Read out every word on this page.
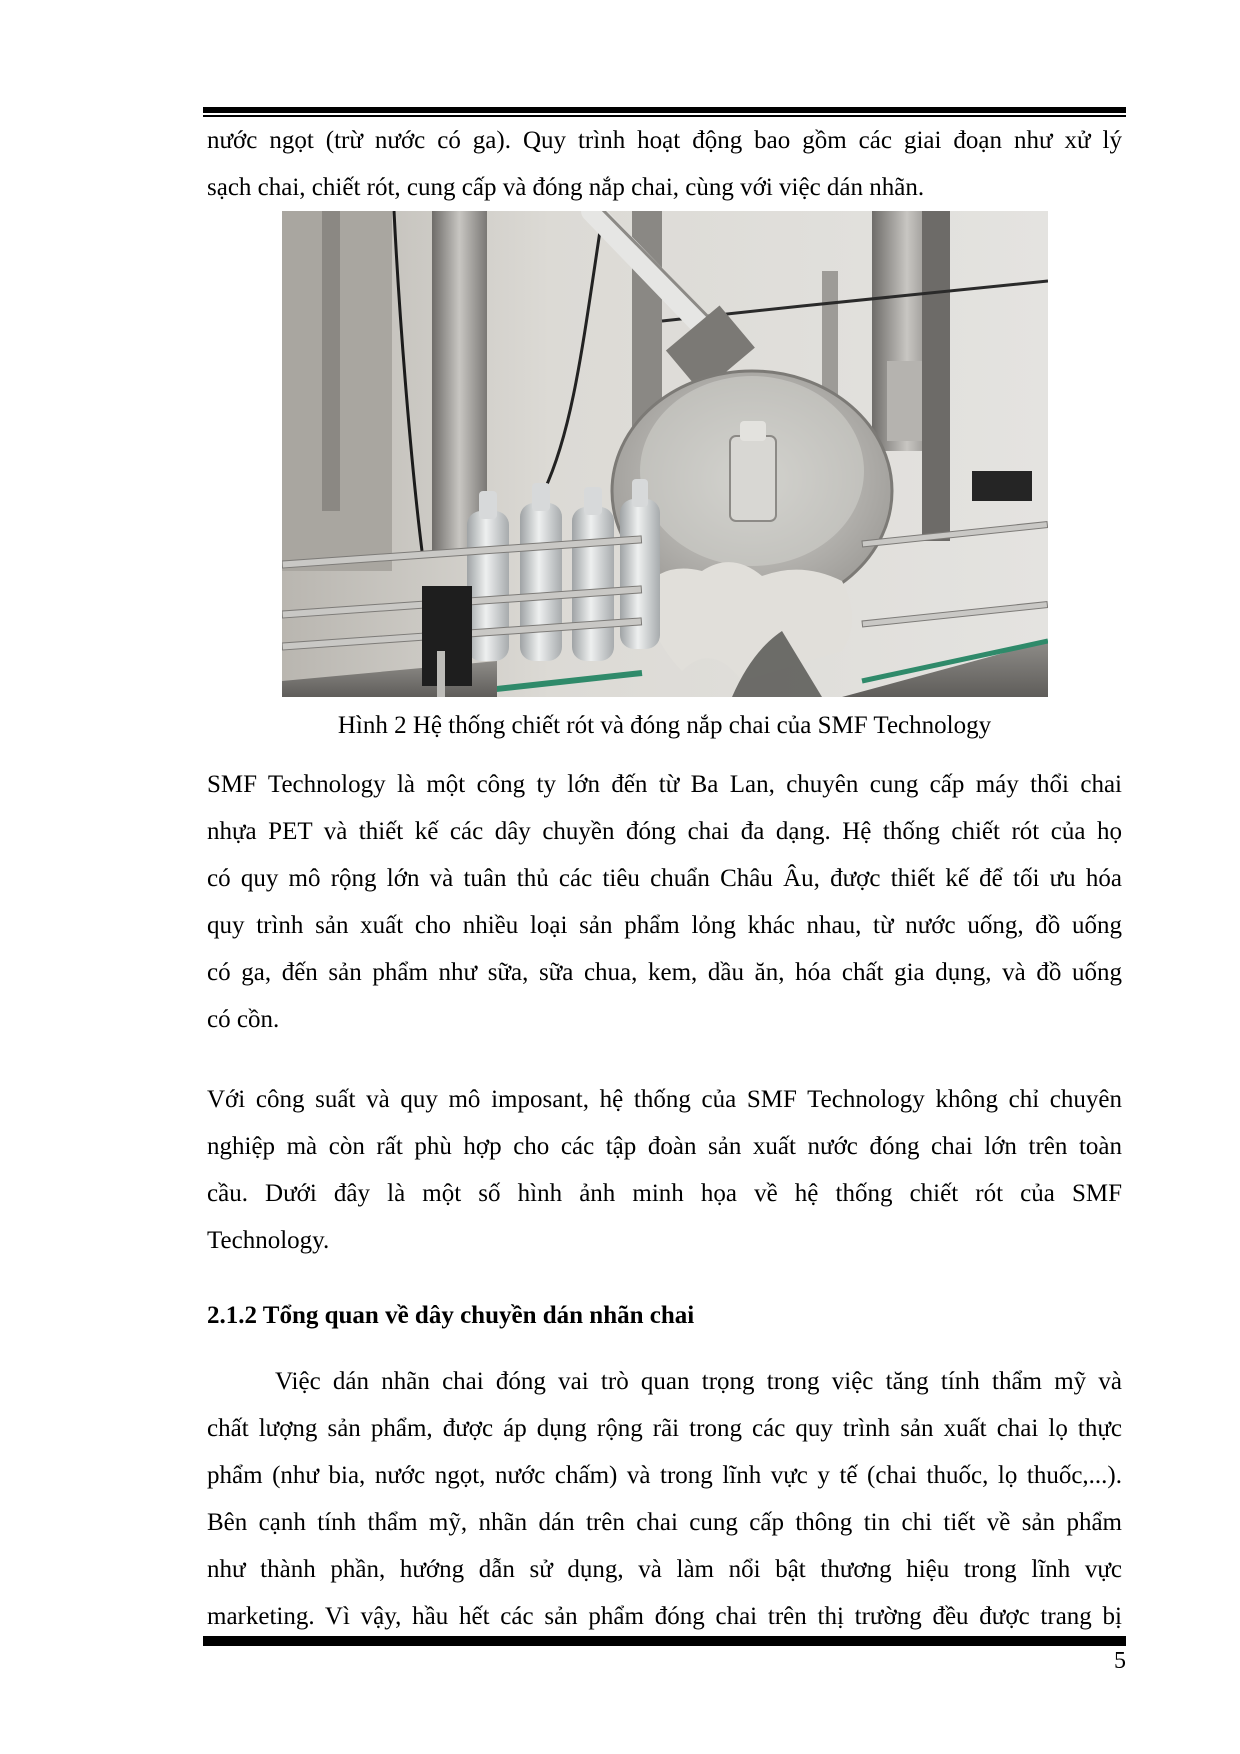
nước ngọt (trừ nước có ga). Quy trình hoạt động bao gồm các giai đoạn như xử lý
sạch chai, chiết rót, cung cấp và đóng nắp chai, cùng với việc dán nhãn.
Hình 2 Hệ thống chiết rót và đóng nắp chai của SMF Technology
SMF Technology là một công ty lớn đến từ Ba Lan, chuyên cung cấp máy thổi chai
nhựa PET và thiết kế các dây chuyền đóng chai đa dạng. Hệ thống chiết rót của họ
có quy mô rộng lớn và tuân thủ các tiêu chuẩn Châu Âu, được thiết kế để tối ưu hóa
quy trình sản xuất cho nhiều loại sản phẩm lỏng khác nhau, từ nước uống, đồ uống
có ga, đến sản phẩm như sữa, sữa chua, kem, dầu ăn, hóa chất gia dụng, và đồ uống
có cồn.
Với công suất và quy mô imposant, hệ thống của SMF Technology không chỉ chuyên
nghiệp mà còn rất phù hợp cho các tập đoàn sản xuất nước đóng chai lớn trên toàn
cầu. Dưới đây là một số hình ảnh minh họa về hệ thống chiết rót của SMF
Technology.
2.1.2 Tổng quan về dây chuyền dán nhãn chai
Việc dán nhãn chai đóng vai trò quan trọng trong việc tăng tính thẩm mỹ và
chất lượng sản phẩm, được áp dụng rộng rãi trong các quy trình sản xuất chai lọ thực
phẩm (như bia, nước ngọt, nước chấm) và trong lĩnh vực y tế (chai thuốc, lọ thuốc,...).
Bên cạnh tính thẩm mỹ, nhãn dán trên chai cung cấp thông tin chi tiết về sản phẩm
như thành phần, hướng dẫn sử dụng, và làm nổi bật thương hiệu trong lĩnh vực
marketing. Vì vậy, hầu hết các sản phẩm đóng chai trên thị trường đều được trang bị
5
